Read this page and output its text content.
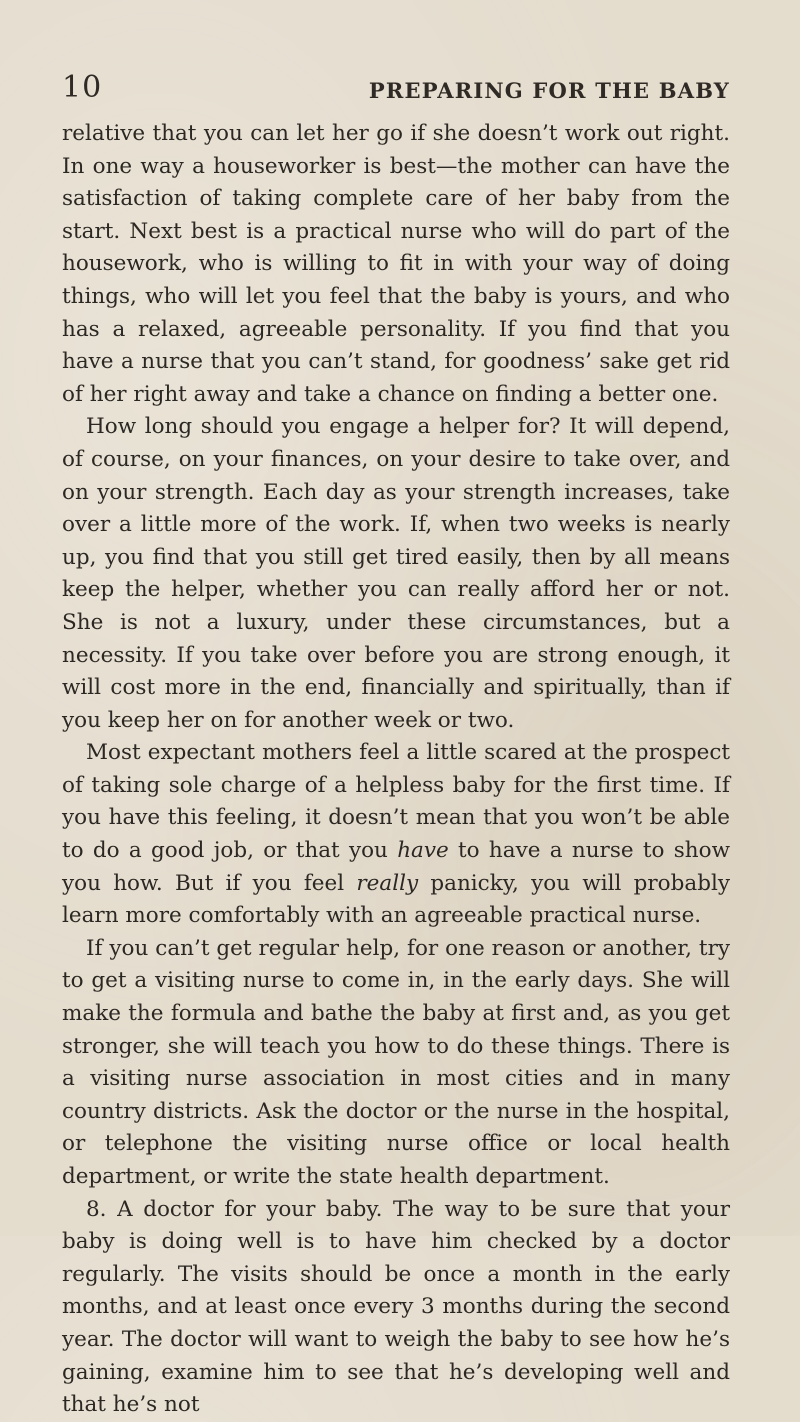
10	PREPARING FOR THE BABY

relative that you can let her go if she doesn’t work out right. In one way a houseworker is best—the mother can have the satisfaction of taking complete care of her baby from the start. Next best is a practical nurse who will do part of the housework, who is willing to fit in with your way of doing things, who will let you feel that the baby is yours, and who has a relaxed, agreeable personality. If you find that you have a nurse that you can’t stand, for goodness’ sake get rid of her right away and take a chance on finding a better one.

How long should you engage a helper for? It will depend, of course, on your finances, on your desire to take over, and on your strength. Each day as your strength increases, take over a little more of the work. If, when two weeks is nearly up, you find that you still get tired easily, then by all means keep the helper, whether you can really afford her or not. She is not a luxury, under these circumstances, but a necessity. If you take over before you are strong enough, it will cost more in the end, financially and spiritually, than if you keep her on for another week or two.

Most expectant mothers feel a little scared at the prospect of taking sole charge of a helpless baby for the first time. If you have this feeling, it doesn’t mean that you won’t be able to do a good job, or that you have to have a nurse to show you how. But if you feel really panicky, you will probably learn more comfortably with an agreeable practical nurse.

If you can’t get regular help, for one reason or another, try to get a visiting nurse to come in, in the early days. She will make the formula and bathe the baby at first and, as you get stronger, she will teach you how to do these things. There is a visiting nurse association in most cities and in many country districts. Ask the doctor or the nurse in the hospital, or telephone the visiting nurse office or local health department, or write the state health department.

8. A doctor for your baby. The way to be sure that your baby is doing well is to have him checked by a doctor regularly. The visits should be once a month in the early months, and at least once every 3 months during the second year. The doctor will want to weigh the baby to see how he’s gaining, examine him to see that he’s developing well and that he’s not
